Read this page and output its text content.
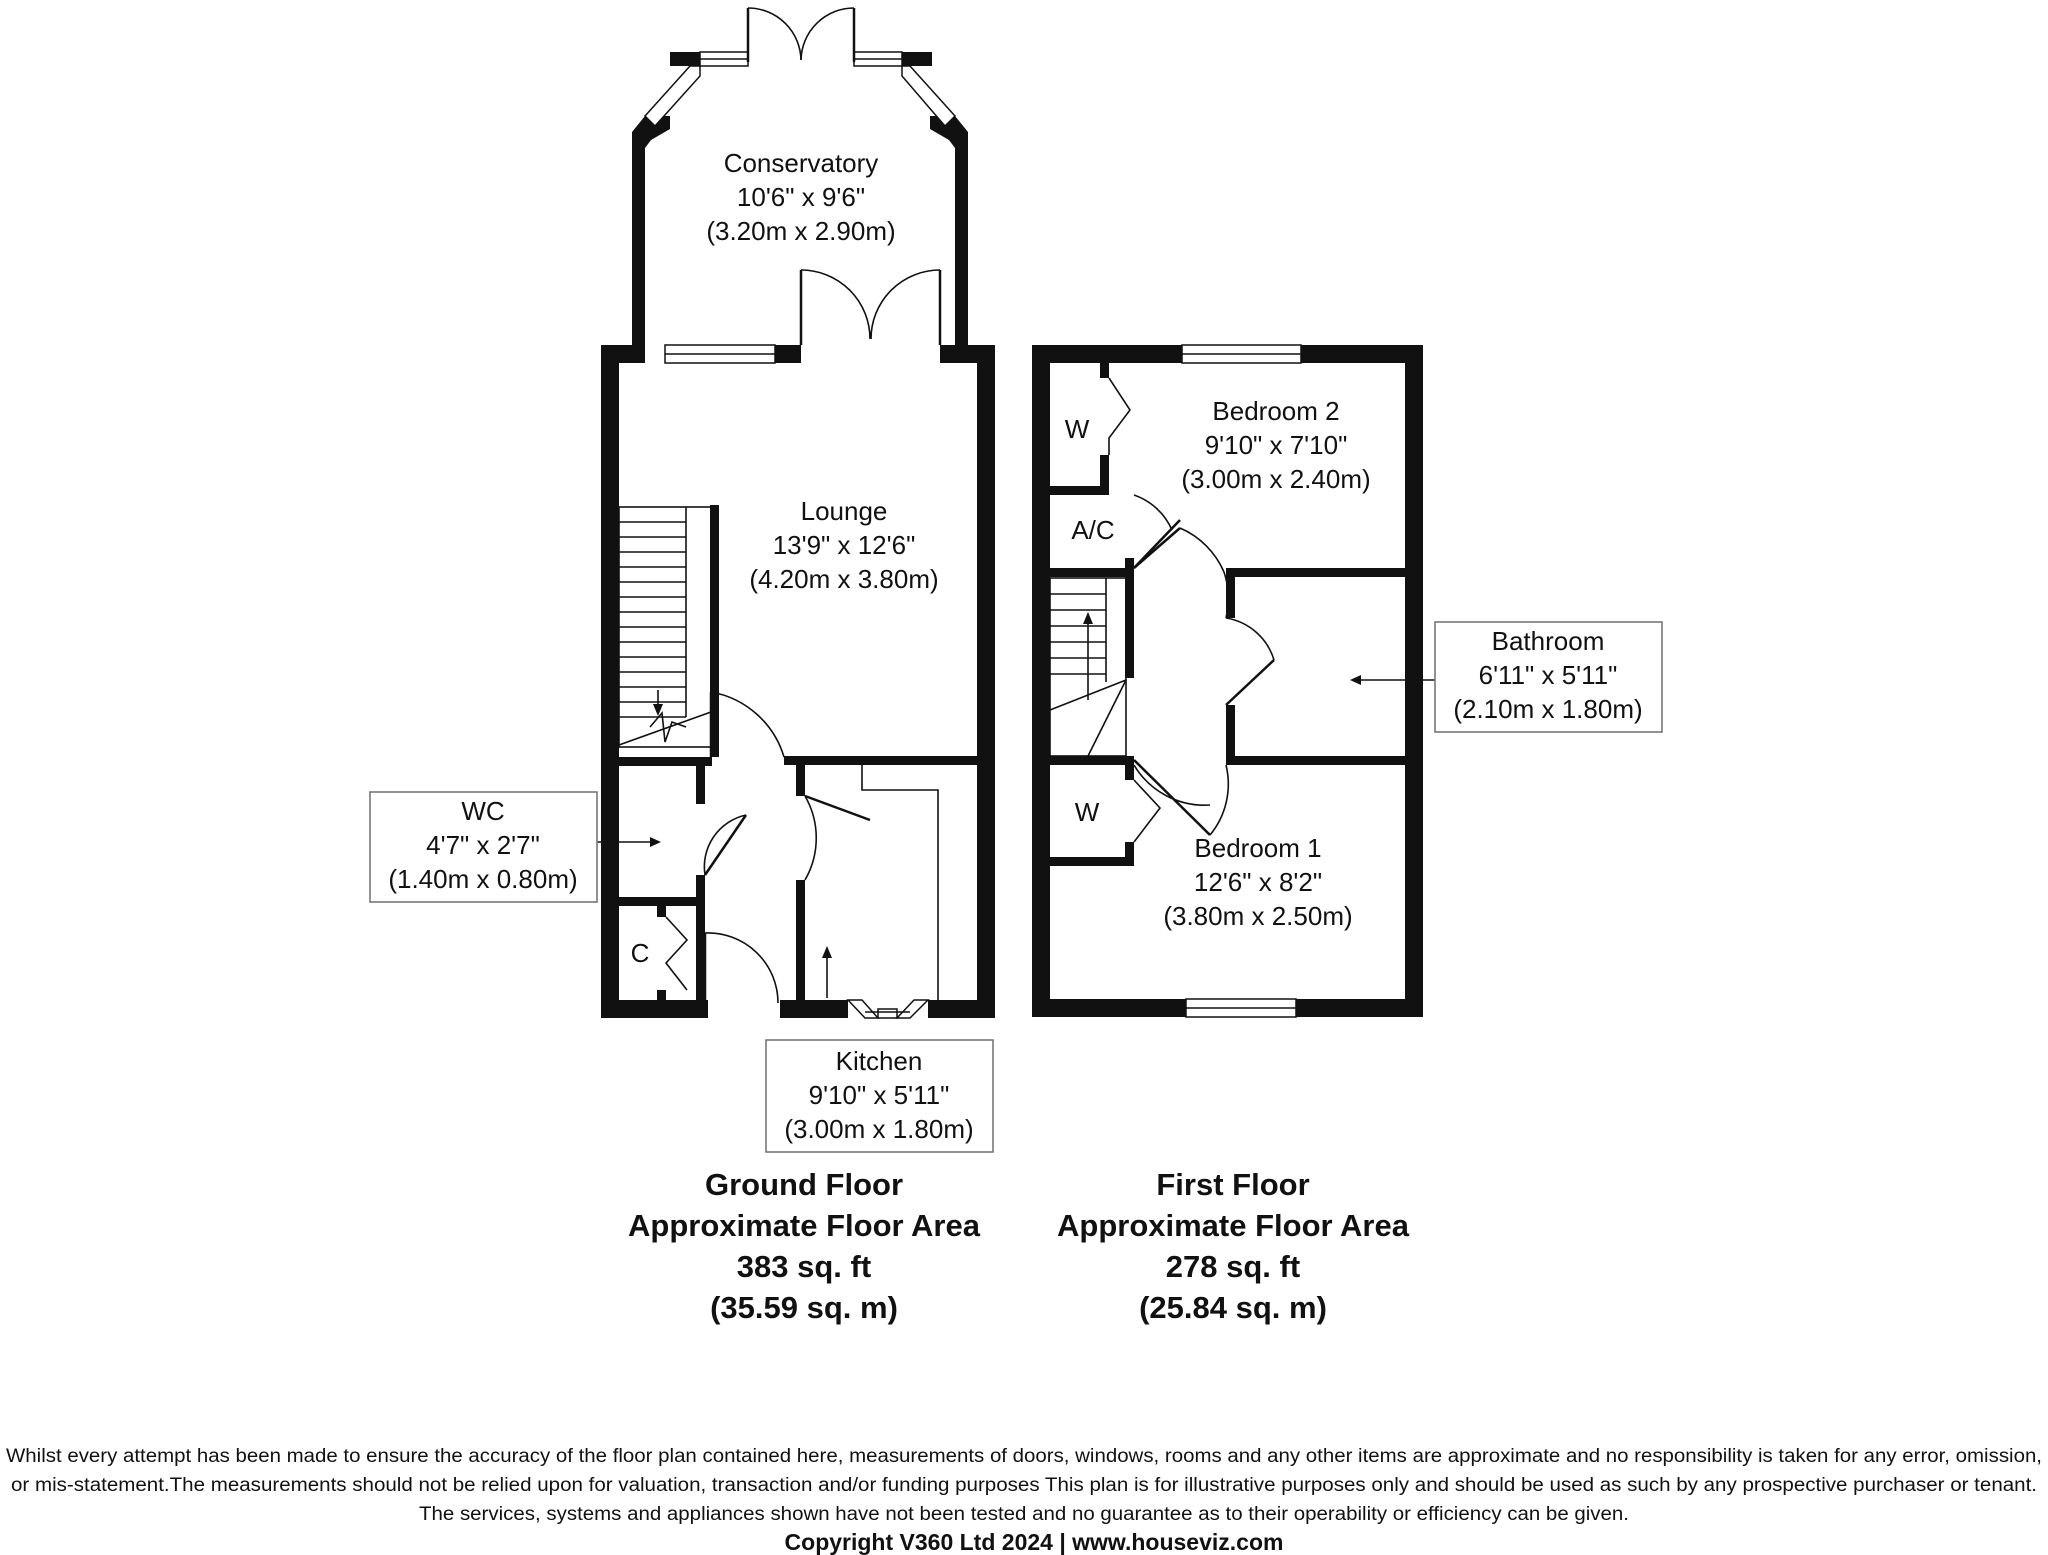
Conservatory
10'6" x 9'6"
(3.20m x 2.90m)
Lounge
13'9" x 12'6"
(4.20m x 3.80m)
WC
4'7" x 2'7"
(1.40m x 0.80m)
Kitchen
9'10" x 5'11"
(3.00m x 1.80m)
Bedroom 2
9'10" x 7'10"
(3.00m x 2.40m)
Bathroom
6'11" x 5'11"
(2.10m x 1.80m)
Bedroom 1
12'6" x 8'2"
(3.80m x 2.50m)
C
W
W
A/C
Ground Floor
Approximate Floor Area
383 sq. ft
(35.59 sq. m)
First Floor
Approximate Floor Area
278 sq. ft
(25.84 sq. m)
Whilst every attempt has been made to ensure the accuracy of the floor plan contained here, measurements of doors, windows, rooms and any other items are approximate and no responsibility is taken for any error, omission,
or mis-statement.The measurements should not be relied upon for valuation, transaction and/or funding purposes This plan is for illustrative purposes only and should be used as such by any prospective purchaser or tenant.
The services, systems and appliances shown have not been tested and no guarantee as to their operability or efficiency can be given.
Copyright V360 Ltd 2024 | www.houseviz.com
